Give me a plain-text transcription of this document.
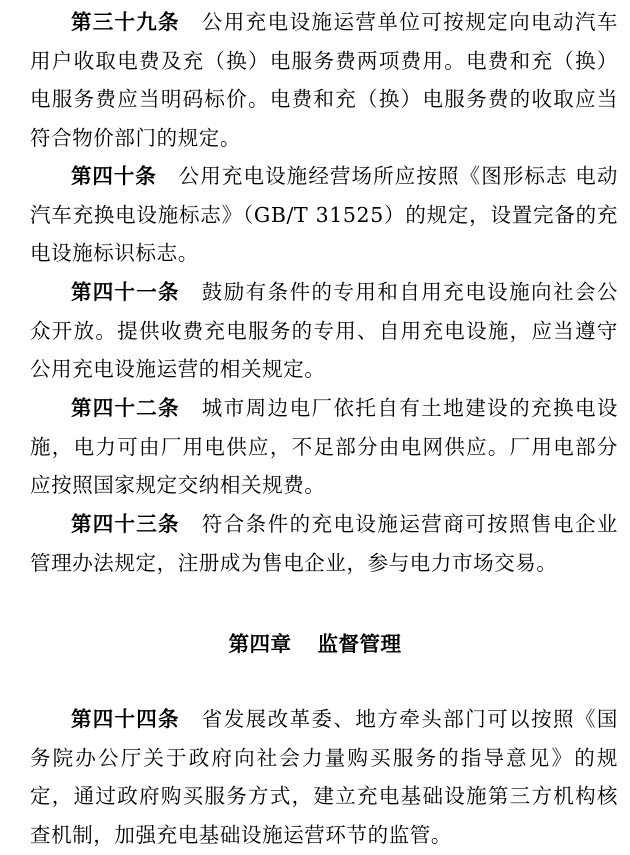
第三十九条 公用充电设施运营单位可按规定向电动汽车用户收取电费及充（换）电服务费两项费用。电费和充（换）电服务费应当明码标价。电费和充（换）电服务费的收取应当符合物价部门的规定。

第四十条 公用充电设施经营场所应按照《图形标志 电动汽车充换电设施标志》（GB/T 31525）的规定，设置完备的充电设施标识标志。

第四十一条 鼓励有条件的专用和自用充电设施向社会公众开放。提供收费充电服务的专用、自用充电设施，应当遵守公用充电设施运营的相关规定。

第四十二条 城市周边电厂依托自有土地建设的充换电设施，电力可由厂用电供应，不足部分由电网供应。厂用电部分应按照国家规定交纳相关规费。

第四十三条 符合条件的充电设施运营商可按照售电企业管理办法规定，注册成为售电企业，参与电力市场交易。

第四章 监督管理

第四十四条 省发展改革委、地方牵头部门可以按照《国务院办公厅关于政府向社会力量购买服务的指导意见》的规定，通过政府购买服务方式，建立充电基础设施第三方机构核查机制，加强充电基础设施运营环节的监管。
